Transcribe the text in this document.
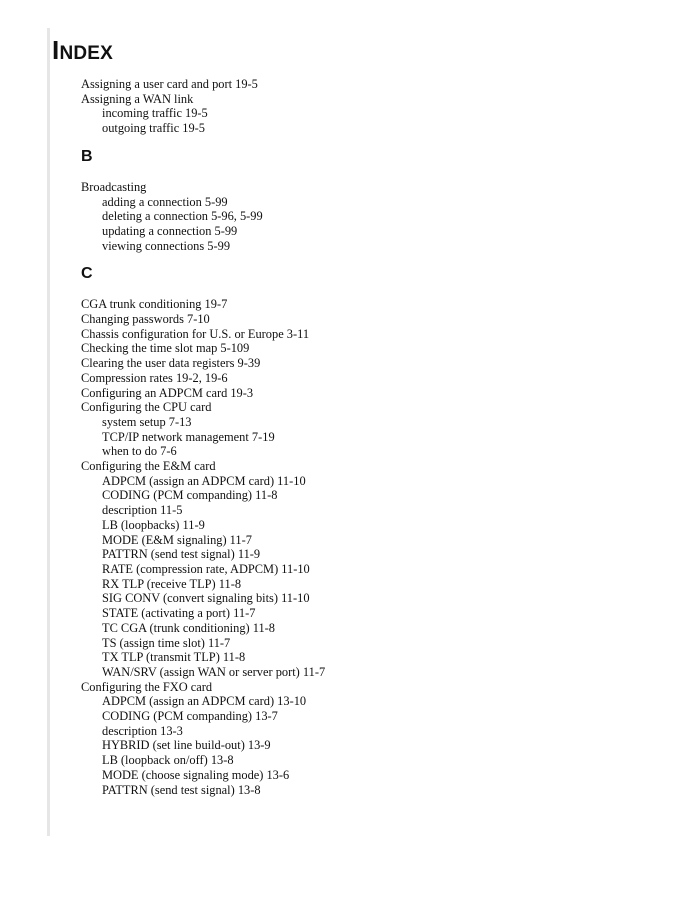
INDEX
Assigning a user card and port 19-5
Assigning a WAN link
incoming traffic 19-5
outgoing traffic 19-5
B
Broadcasting
adding a connection 5-99
deleting a connection 5-96, 5-99
updating a connection 5-99
viewing connections 5-99
C
CGA trunk conditioning 19-7
Changing passwords 7-10
Chassis configuration for U.S. or Europe 3-11
Checking the time slot map 5-109
Clearing the user data registers 9-39
Compression rates 19-2, 19-6
Configuring an ADPCM card 19-3
Configuring the CPU card
system setup 7-13
TCP/IP network management 7-19
when to do 7-6
Configuring the E&M card
ADPCM (assign an ADPCM card) 11-10
CODING (PCM companding) 11-8
description 11-5
LB (loopbacks) 11-9
MODE (E&M signaling) 11-7
PATTRN (send test signal) 11-9
RATE (compression rate, ADPCM) 11-10
RX TLP (receive TLP) 11-8
SIG CONV (convert signaling bits) 11-10
STATE (activating a port) 11-7
TC CGA (trunk conditioning) 11-8
TS (assign time slot) 11-7
TX TLP (transmit TLP) 11-8
WAN/SRV (assign WAN or server port) 11-7
Configuring the FXO card
ADPCM (assign an ADPCM card) 13-10
CODING (PCM companding) 13-7
description 13-3
HYBRID (set line build-out) 13-9
LB (loopback on/off) 13-8
MODE (choose signaling mode) 13-6
PATTRN (send test signal) 13-8
